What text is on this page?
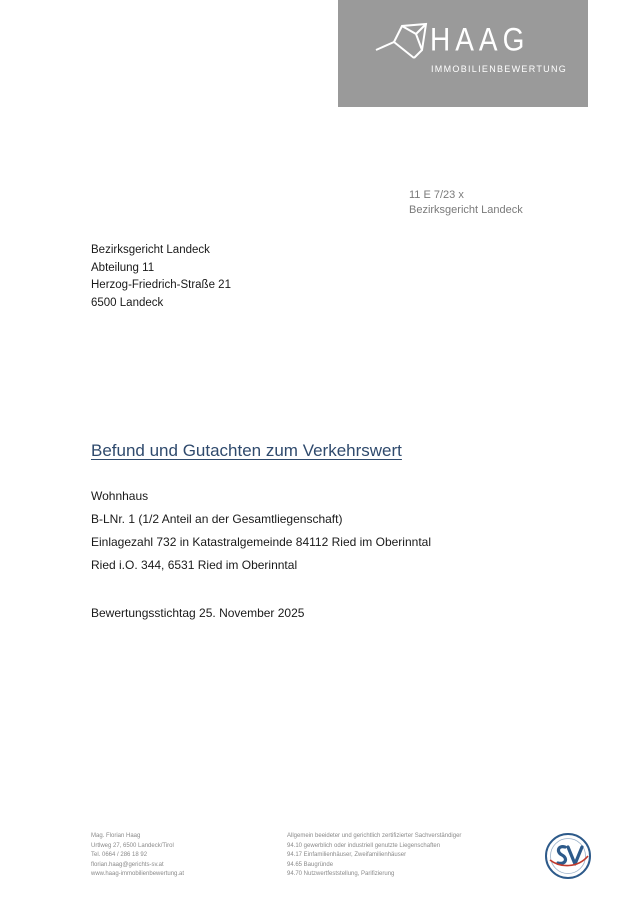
HAAG
IMMOBILIENBEWERTUNG
11 E 7/23 x
Bezirksgericht Landeck
Bezirksgericht Landeck
Abteilung 11
Herzog-Friedrich-Straße 21
6500 Landeck
Befund und Gutachten zum Verkehrswert
Wohnhaus
B-LNr. 1 (1/2 Anteil an der Gesamtliegenschaft)
Einlagezahl 732 in Katastralgemeinde 84112 Ried im Oberinntal
Ried i.O. 344, 6531 Ried im Oberinntal
Bewertungsstichtag 25. November 2025
Mag. Florian Haag
Urtlweg 27, 6500 Landeck/Tirol
Tel. 0664 / 286 18 92
florian.haag@gerichts-sv.at
www.haag-immobilienbewertung.at
Allgemein beeideter und gerichtlich zertifizierter Sachverständiger
94.10 gewerblich oder industriell genutzte Liegenschaften
94.17 Einfamilienhäuser, Zweifamilienhäuser
94.65 Baugründe
94.70 Nutzwertfeststellung, Parifizierung
